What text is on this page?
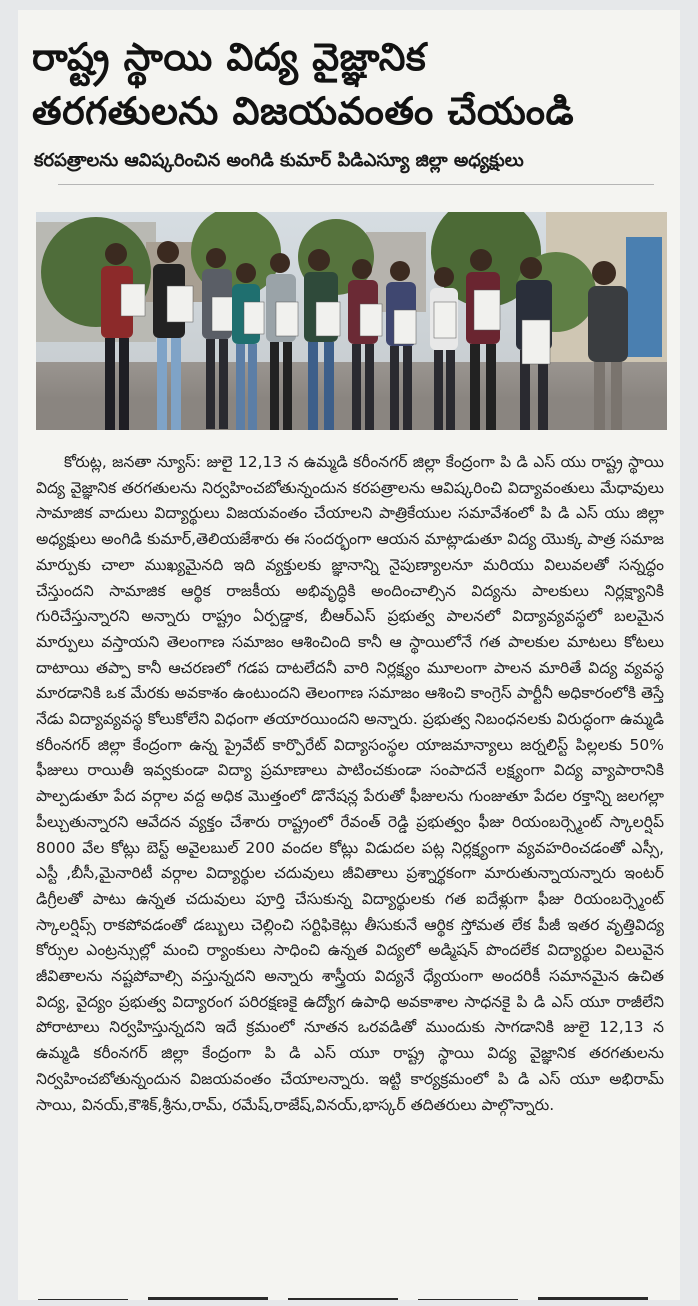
రాష్ట్ర స్థాయి విద్య వైజ్ఞానిక
తరగతులను విజయవంతం చేయండి
కరపత్రాలను ఆవిష్కరించిన అంగిడి కుమార్ పిడిఎస్యూ జిల్లా అధ్యక్షులు
కోరుట్ల, జనతా న్యూస్: జులై 12,13 న ఉమ్మడి కరీంనగర్ జిల్లా కేంద్రంగా పి డి ఎస్ యు రాష్ట్ర స్థాయి విద్య వైజ్ఞానిక తరగతులను నిర్వహించబోతున్నందున కరపత్రాలను ఆవిష్కరించి విద్యావంతులు మేధావులు సామాజిక వాదులు విద్యార్థులు విజయవంతం చేయాలని పాత్రికేయుల సమావేశంలో పి డి ఎస్ యు జిల్లా అధ్యక్షులు అంగిడి కుమార్,తెలియజేశారు ఈ సందర్భంగా ఆయన మాట్లాడుతూ విద్య యొక్క పాత్ర సమాజ మార్పుకు చాలా ముఖ్యమైనది ఇది వ్యక్తులకు జ్ఞానాన్ని నైపుణ్యాలనూ మరియు విలువలతో సన్నద్ధం చేస్తుందని సామాజిక ఆర్థిక రాజకీయ అభివృద్ధికి అందించాల్సిన విద్యను పాలకులు నిర్లక్ష్యానికి గురిచేస్తున్నారని అన్నారు రాష్ట్రం ఏర్పడ్డాక, బీఆర్ఎస్ ప్రభుత్వ పాలనలో విద్యావ్యవస్థలో బలమైన మార్పులు వస్తాయని తెలంగాణ సమాజం ఆశించింది కానీ ఆ స్థాయిలోనే గత పాలకుల మాటలు కోటలు దాటాయి తప్పా కానీ ఆచరణలో గడప దాటలేదనీ వారి నిర్లక్ష్యం మూలంగా పాలన మారితే విద్య వ్యవస్థ మారడానికి ఒక మేరకు అవకాశం ఉంటుందని తెలంగాణ సమాజం ఆశించి కాంగ్రెస్ పార్టీనీ అధికారంలోకి తెస్తే నేడు విద్యావ్యవస్థ కోలుకోలేని విధంగా తయారయిందని అన్నారు. ప్రభుత్వ నిబంధనలకు విరుద్ధంగా ఉమ్మడి కరీంనగర్ జిల్లా కేంద్రంగా ఉన్న ప్రైవేట్ కార్పొరేట్ విద్యాసంస్థల యాజమాన్యాలు జర్నలిస్ట్ పిల్లలకు 50% ఫీజులు రాయితీ ఇవ్వకుండా విద్యా ప్రమాణాలు పాటించకుండా సంపాదనే లక్ష్యంగా విద్య వ్యాపారానికి పాల్పడుతూ పేద వర్గాల వద్ద అధిక మొత్తంలో డొనేషన్ల పేరుతో ఫీజులను గుంజుతూ పేదల రక్తాన్ని జలగల్లా పీల్చుతున్నారని ఆవేదన వ్యక్తం చేశారు రాష్ట్రంలో రేవంత్ రెడ్డి ప్రభుత్వం ఫీజు రియంబర్స్మెంట్ స్కాలర్షిప్ 8000 వేల కోట్లు బెస్ట్ అవైలబుల్ 200 వందల కోట్లు విడుదల పట్ల నిర్లక్ష్యంగా వ్యవహరించడంతో ఎస్సీ, ఎస్టీ ,బీసీ,మైనారిటీ వర్గాల విద్యార్థుల చదువులు జీవితాలు ప్రశ్నార్థకంగా మారుతున్నాయన్నారు ఇంటర్ డిగ్రీలతో పాటు ఉన్నత చదువులు పూర్తి చేసుకున్న విద్యార్థులకు గత ఐదేళ్లుగా ఫీజు రియంబర్స్మెంట్ స్కాలర్షిప్స్ రాకపోవడంతో డబ్బులు చెల్లించి సర్టిఫికెట్లు తీసుకునే ఆర్థిక స్తోమత లేక పీజీ ఇతర వృత్తివిద్య కోర్సుల ఎంట్రన్సుల్లో మంచి ర్యాంకులు సాధించి ఉన్నత విద్యలో అడ్మిషన్ పొందలేక విద్యార్థుల విలువైన జీవితాలను నష్టపోవాల్సి వస్తున్నదని అన్నారు శాస్త్రీయ విద్యనే ధ్యేయంగా అందరికీ సమానమైన ఉచిత విద్య, వైద్యం ప్రభుత్వ విద్యారంగ పరిరక్షణకై ఉద్యోగ ఉపాధి అవకాశాల సాధనకై పి డి ఎస్ యూ రాజీలేని పోరాటాలు నిర్వహిస్తున్నదని ఇదే క్రమంలో నూతన ఒరవడితో ముందుకు సాగడానికి జులై 12,13 న ఉమ్మడి కరీంనగర్ జిల్లా కేంద్రంగా పి డి ఎస్ యూ రాష్ట్ర స్థాయి విద్య వైజ్ఞానిక తరగతులను నిర్వహించబోతున్నందున విజయవంతం చేయాలన్నారు. ఇట్టి కార్యక్రమంలో పి డి ఎస్ యూ అభిరామ్ సాయి, వినయ్,కౌశిక్,శ్రీను,రామ్, రమేష్,రాజేష్,వినయ్,భాస్కర్ తదితరులు పాల్గొన్నారు.
